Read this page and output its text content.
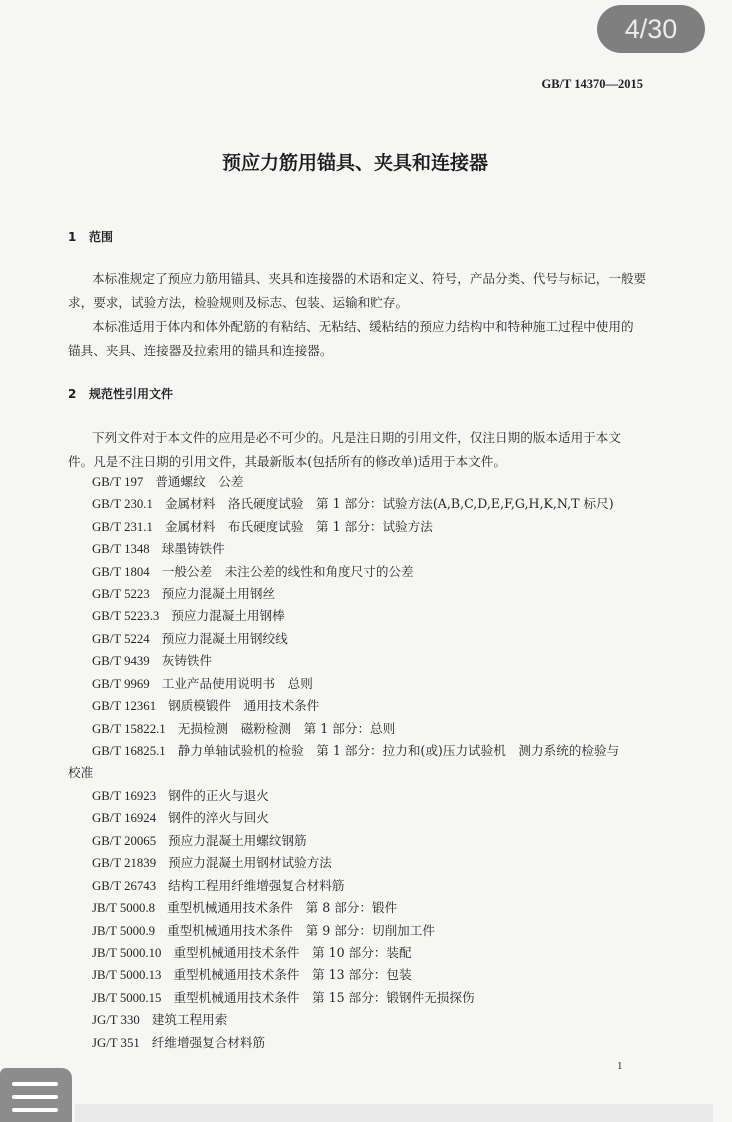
GB/T 14370—2015
预应力筋用锚具、夹具和连接器
1 范围
本标准规定了预应力筋用锚具、夹具和连接器的术语和定义、符号，产品分类、代号与标记，一般要
求，要求，试验方法，检验规则及标志、包装、运输和贮存。
本标准适用于体内和体外配筋的有粘结、无粘结、缓粘结的预应力结构中和特种施工过程中使用的
锚具、夹具、连接器及拉索用的锚具和连接器。
2 规范性引用文件
下列文件对于本文件的应用是必不可少的。凡是注日期的引用文件，仅注日期的版本适用于本文
件。凡是不注日期的引用文件，其最新版本(包括所有的修改单)适用于本文件。
GB/T 197 普通螺纹　公差
GB/T 230.1 金属材料　洛氏硬度试验　第 1 部分：试验方法(A,B,C,D,E,F,G,H,K,N,T 标尺)
GB/T 231.1 金属材料　布氏硬度试验　第 1 部分：试验方法
GB/T 1348 球墨铸铁件
GB/T 1804 一般公差　未注公差的线性和角度尺寸的公差
GB/T 5223 预应力混凝土用钢丝
GB/T 5223.3 预应力混凝土用钢棒
GB/T 5224 预应力混凝土用钢绞线
GB/T 9439 灰铸铁件
GB/T 9969 工业产品使用说明书　总则
GB/T 12361 钢质模锻件　通用技术条件
GB/T 15822.1 无损检测　磁粉检测　第 1 部分：总则
GB/T 16825.1 静力单轴试验机的检验　第 1 部分：拉力和(或)压力试验机　测力系统的检验与
校准
GB/T 16923 钢件的正火与退火
GB/T 16924 钢件的淬火与回火
GB/T 20065 预应力混凝土用螺纹钢筋
GB/T 21839 预应力混凝土用钢材试验方法
GB/T 26743 结构工程用纤维增强复合材料筋
JB/T 5000.8 重型机械通用技术条件　第 8 部分：锻件
JB/T 5000.9 重型机械通用技术条件　第 9 部分：切削加工件
JB/T 5000.10 重型机械通用技术条件　第 10 部分：装配
JB/T 5000.13 重型机械通用技术条件　第 13 部分：包装
JB/T 5000.15 重型机械通用技术条件　第 15 部分：锻钢件无损探伤
JG/T 330 建筑工程用索
JG/T 351 纤维增强复合材料筋
1
4/30
